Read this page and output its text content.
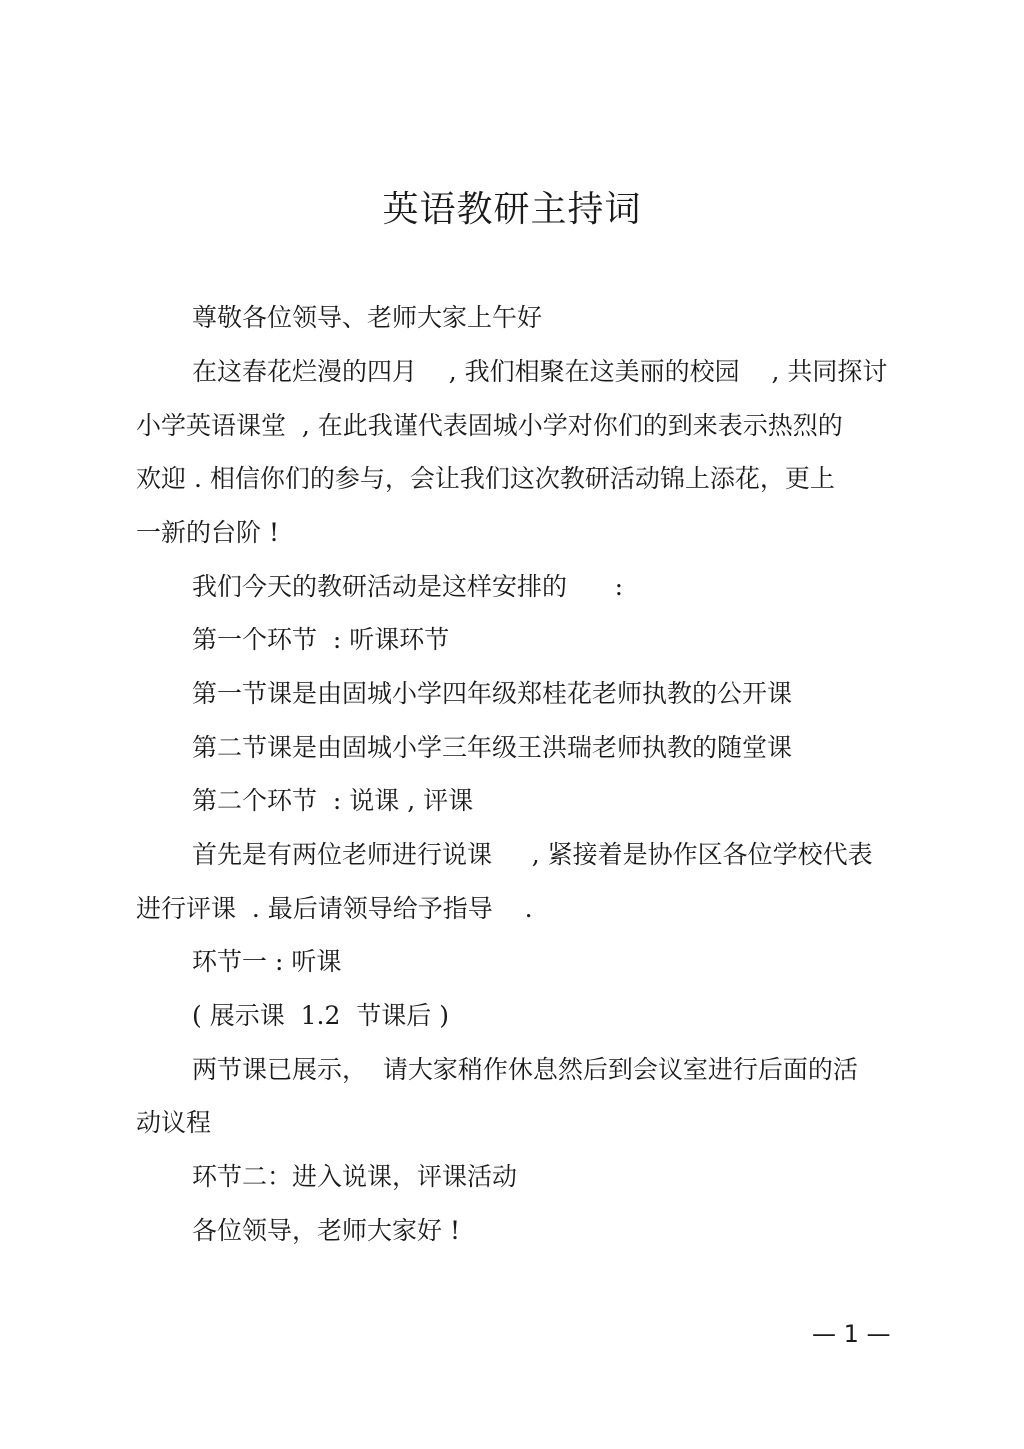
英语教研主持词
尊敬各位领导、老师大家上午好
在这春花烂漫的四月    , 我们相聚在这美丽的校园    , 共同探讨
小学英语课堂  , 在此我谨代表固城小学对你们的到来表示热烈的
欢迎 . 相信你们的参与，会让我们这次教研活动锦上添花，更上
一新的台阶 !
我们今天的教研活动是这样安排的      :
第一个环节  : 听课环节
第一节课是由固城小学四年级郑桂花老师执教的公开课
第二节课是由固城小学三年级王洪瑞老师执教的随堂课
第二个环节  : 说课 , 评课
首先是有两位老师进行说课     , 紧接着是协作区各位学校代表
进行评课  . 最后请领导给予指导    .
环节一 : 听课
( 展示课  1.2  节课后 )
两节课已展示，  请大家稍作休息然后到会议室进行后面的活
动议程
环节二：进入说课，评课活动
各位领导，老师大家好 !
— 1 —
